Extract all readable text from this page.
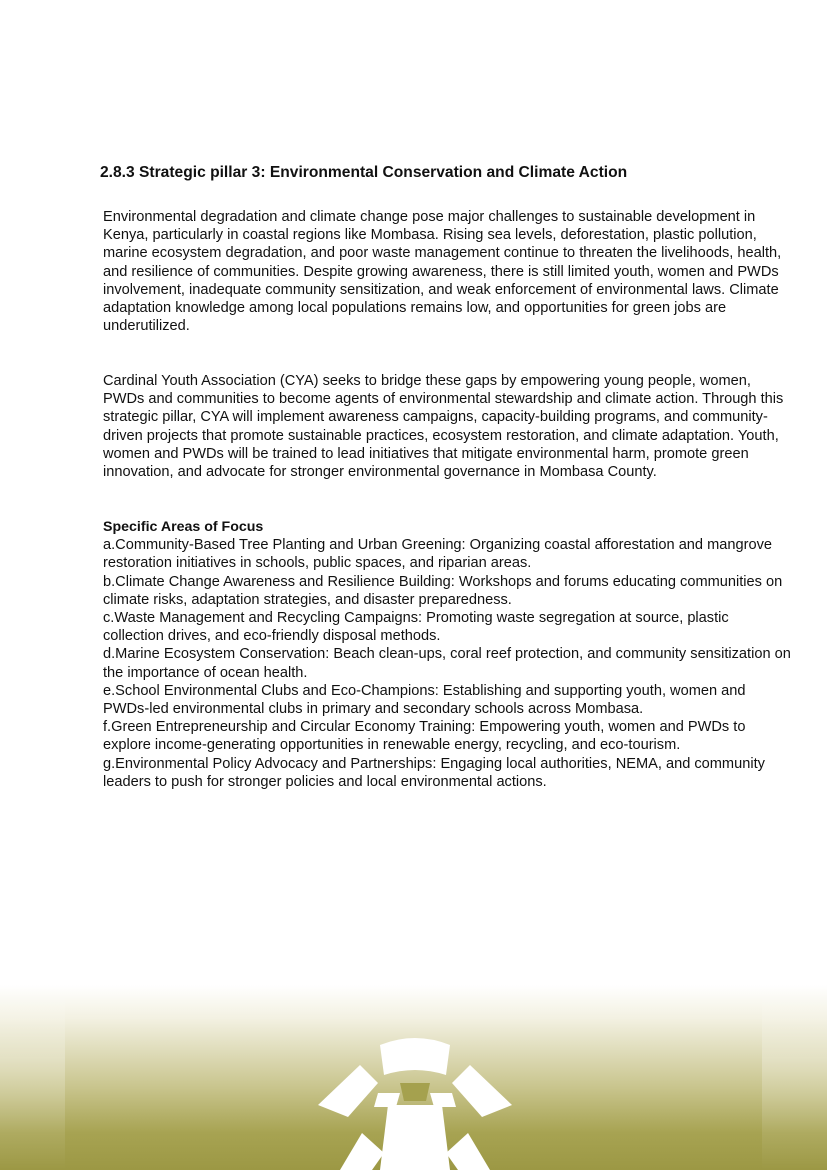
2.8.3 Strategic pillar 3: Environmental Conservation and Climate Action

Environmental degradation and climate change pose major challenges to sustainable development in Kenya, particularly in coastal regions like Mombasa. Rising sea levels, deforestation, plastic pollution, marine ecosystem degradation, and poor waste management continue to threaten the livelihoods, health, and resilience of communities. Despite growing awareness, there is still limited youth, women and PWDs involvement, inadequate community sensitization, and weak enforcement of environmental laws. Climate adaptation knowledge among local populations remains low, and opportunities for green jobs are underutilized.

Cardinal Youth Association (CYA) seeks to bridge these gaps by empowering young people, women, PWDs and communities to become agents of environmental stewardship and climate action. Through this strategic pillar, CYA will implement awareness campaigns, capacity-building programs, and community-driven projects that promote sustainable practices, ecosystem restoration, and climate adaptation. Youth, women and PWDs will be trained to lead initiatives that mitigate environmental harm, promote green innovation, and advocate for stronger environmental governance in Mombasa County.

Specific Areas of Focus

a.Community-Based Tree Planting and Urban Greening: Organizing coastal afforestation and mangrove restoration initiatives in schools, public spaces, and riparian areas.

b.Climate Change Awareness and Resilience Building: Workshops and forums educating communities on climate risks, adaptation strategies, and disaster preparedness.

c.Waste Management and Recycling Campaigns: Promoting waste segregation at source, plastic collection drives, and eco-friendly disposal methods.

d.Marine Ecosystem Conservation: Beach clean-ups, coral reef protection, and community sensitization on the importance of ocean health.

e.School Environmental Clubs and Eco-Champions: Establishing and supporting youth, women and PWDs-led environmental clubs in primary and secondary schools across Mombasa.

f.Green Entrepreneurship and Circular Economy Training: Empowering youth, women and PWDs to explore income-generating opportunities in renewable energy, recycling, and eco-tourism.

g.Environmental Policy Advocacy and Partnerships: Engaging local authorities, NEMA, and community leaders to push for stronger policies and local environmental actions.

33
